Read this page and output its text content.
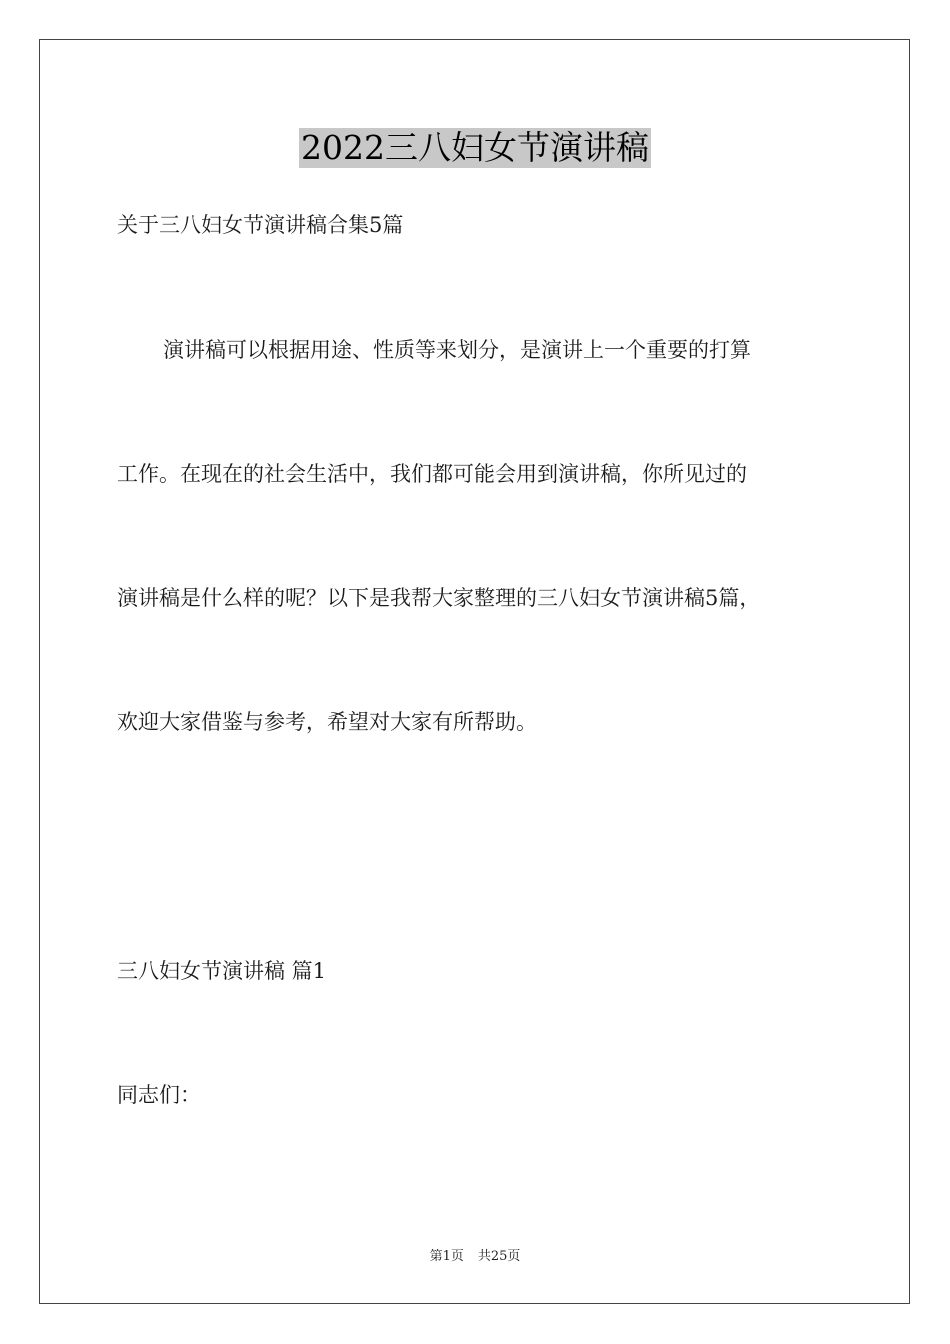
2022三八妇女节演讲稿
关于三八妇女节演讲稿合集5篇
演讲稿可以根据用途、性质等来划分，是演讲上一个重要的打算
工作。在现在的社会生活中，我们都可能会用到演讲稿，你所见过的
演讲稿是什么样的呢？以下是我帮大家整理的三八妇女节演讲稿5篇，
欢迎大家借鉴与参考，希望对大家有所帮助。
三八妇女节演讲稿 篇1
同志们：
第1页 共25页
